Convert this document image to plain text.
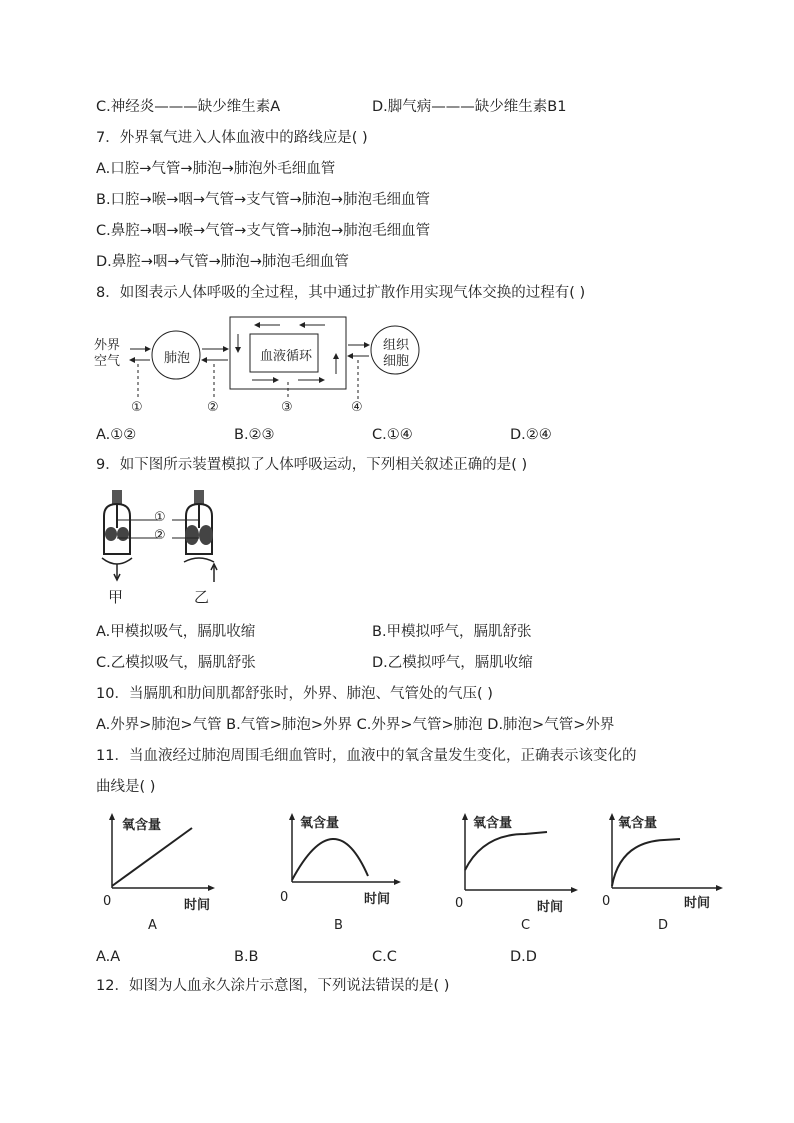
C.神经炎———缺少维生素A	D.脚气病———缺少维生素B1
7．外界氧气进入人体血液中的路线应是( )
A.口腔→气管→肺泡→肺泡外毛细血管
B.口腔→喉→咽→气管→支气管→肺泡→肺泡毛细血管
C.鼻腔→咽→喉→气管→支气管→肺泡→肺泡毛细血管
D.鼻腔→咽→气管→肺泡→肺泡毛细血管
8．如图表示人体呼吸的全过程，其中通过扩散作用实现气体交换的过程有( )
外界
空气	肺泡	血液循环
组织
细胞
①	②	③	④
A.①②	B.②③	C.①④	D.②④
9．如下图所示装置模拟了人体呼吸运动，下列相关叙述正确的是( )
①
②
甲	乙
A.甲模拟吸气，膈肌收缩	B.甲模拟呼气，膈肌舒张
C.乙模拟吸气，膈肌舒张	D.乙模拟呼气，膈肌收缩
10．当膈肌和肋间肌都舒张时，外界、肺泡、气管处的气压( )
A.外界>肺泡>气管 B.气管>肺泡>外界 C.外界>气管>肺泡 D.肺泡>气管>外界
11．当血液经过肺泡周围毛细血管时，血液中的氧含量发生变化，正确表示该变化的
曲线是( )
氧含量
0	时间
A
氧含量
0	时间
B
氧含量
0	时间
C
氧含量
0	时间
D
A.A	B.B	C.C	D.D
12．如图为人血永久涂片示意图，下列说法错误的是( )
